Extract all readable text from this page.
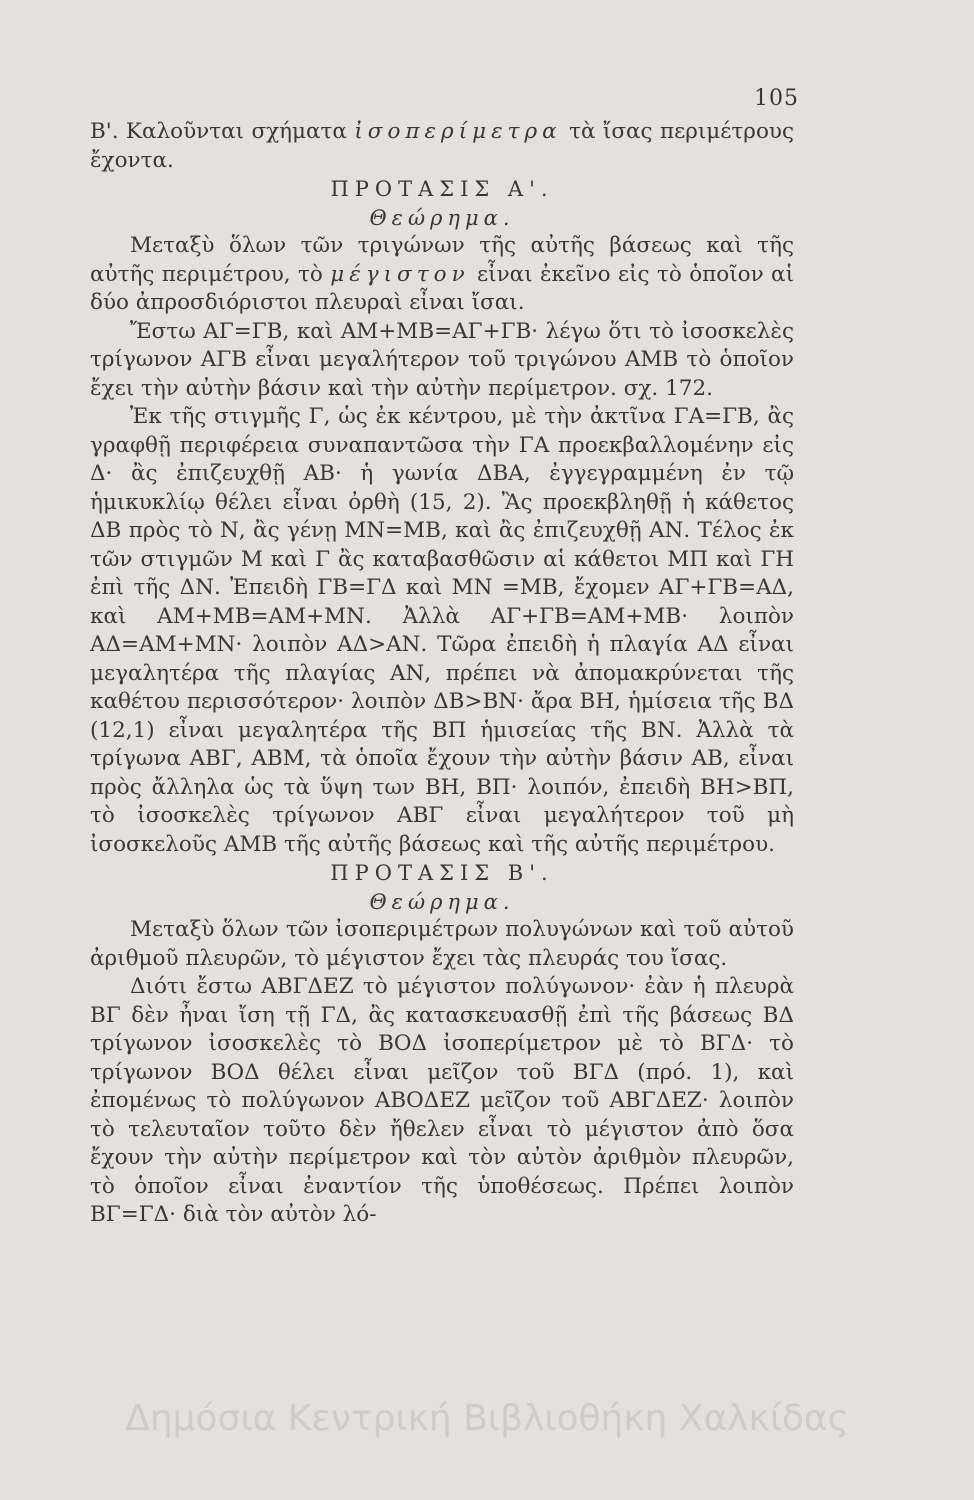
105

Β'. Καλοῦνται σχήματα ἰσοπερίμετρα τὰ ἴσας περιμέτρους ἔχοντα.

ΠΡΟΤΑΣΙΣ Α'.

Θεώρημα.

Μεταξὺ ὅλων τῶν τριγώνων τῆς αὐτῆς βάσεως καὶ τῆς αὐτῆς περιμέτρου, τὸ μέγιστον εἶναι ἐκεῖνο εἰς τὸ ὁποῖον αἱ δύο ἀπροσδιόριστοι πλευραὶ εἶναι ἴσαι.

Ἔστω ΑΓ=ΓΒ, καὶ ΑΜ+ΜΒ=ΑΓ+ΓΒ· λέγω ὅτι τὸ ἰσοσκελὲς τρίγωνον ΑΓΒ εἶναι μεγαλήτερον τοῦ τριγώνου ΑΜΒ τὸ ὁποῖον ἔχει τὴν αὐτὴν βάσιν καὶ τὴν αὐτὴν περίμετρον. σχ. 172.

Ἐκ τῆς στιγμῆς Γ, ὡς ἐκ κέντρου, μὲ τὴν ἀκτῖνα ΓΑ=ΓΒ, ἂς γραφθῇ περιφέρεια συναπαντῶσα τὴν ΓΑ προεκβαλλομένην εἰς Δ· ἂς ἐπιζευχθῇ ΑΒ· ἡ γωνία ΔΒΑ, ἐγγεγραμμένη ἐν τῷ ἡμικυκλίῳ θέλει εἶναι ὀρθὴ (15, 2). Ἂς προεκβληθῇ ἡ κάθετος ΔΒ πρὸς τὸ Ν, ἂς γένῃ ΜΝ=ΜΒ, καὶ ἂς ἐπιζευχθῇ ΑΝ. Τέλος ἐκ τῶν στιγμῶν Μ καὶ Γ ἂς καταβασθῶσιν αἱ κάθετοι ΜΠ καὶ ΓΗ ἐπὶ τῆς ΔΝ. Ἐπειδὴ ΓΒ=ΓΔ καὶ ΜΝ =ΜΒ, ἔχομεν ΑΓ+ΓΒ=ΑΔ, καὶ ΑΜ+ΜΒ=ΑΜ+ΜΝ. Ἀλλὰ ΑΓ+ΓΒ=ΑΜ+ΜΒ· λοιπὸν ΑΔ=ΑΜ+ΜΝ· λοιπὸν ΑΔ>ΑΝ. Τῶρα ἐπειδὴ ἡ πλαγία ΑΔ εἶναι μεγαλητέρα τῆς πλαγίας ΑΝ, πρέπει νὰ ἀπομακρύνεται τῆς καθέτου περισσότερον· λοιπὸν ΔΒ>ΒΝ· ἄρα ΒΗ, ἡμίσεια τῆς ΒΔ (12,1) εἶναι μεγαλητέρα τῆς ΒΠ ἡμισείας τῆς ΒΝ. Ἀλλὰ τὰ τρίγωνα ΑΒΓ, ΑΒΜ, τὰ ὁποῖα ἔχουν τὴν αὐτὴν βάσιν ΑΒ, εἶναι πρὸς ἄλληλα ὡς τὰ ὕψη των ΒΗ, ΒΠ· λοιπόν, ἐπειδὴ ΒΗ>ΒΠ, τὸ ἰσοσκελὲς τρίγωνον ΑΒΓ εἶναι μεγαλήτερον τοῦ μὴ ἰσοσκελοῦς ΑΜΒ τῆς αὐτῆς βάσεως καὶ τῆς αὐτῆς περιμέτρου.

ΠΡΟΤΑΣΙΣ Β'.

Θεώρημα.

Μεταξὺ ὅλων τῶν ἰσοπεριμέτρων πολυγώνων καὶ τοῦ αὐτοῦ ἀριθμοῦ πλευρῶν, τὸ μέγιστον ἔχει τὰς πλευράς του ἴσας.

Διότι ἔστω ΑΒΓΔΕΖ τὸ μέγιστον πολύγωνον· ἐὰν ἡ πλευρὰ ΒΓ δὲν ἦναι ἴση τῇ ΓΔ, ἂς κατασκευασθῇ ἐπὶ τῆς βάσεως ΒΔ τρίγωνον ἰσοσκελὲς τὸ ΒΟΔ ἰσοπερίμετρον μὲ τὸ ΒΓΔ· τὸ τρίγωνον ΒΟΔ θέλει εἶναι μεῖζον τοῦ ΒΓΔ (πρό. 1), καὶ ἐπομένως τὸ πολύγωνον ΑΒΟΔΕΖ μεῖζον τοῦ ΑΒΓΔΕΖ· λοιπὸν τὸ τελευταῖον τοῦτο δὲν ἤθελεν εἶναι τὸ μέγιστον ἀπὸ ὅσα ἔχουν τὴν αὐτὴν περίμετρον καὶ τὸν αὐτὸν ἀριθμὸν πλευρῶν, τὸ ὁποῖον εἶναι ἐναντίον τῆς ὑποθέσεως. Πρέπει λοιπὸν ΒΓ=ΓΔ· διὰ τὸν αὐτὸν λό-

Δημόσια Κεντρική Βιβλιοθήκη Χαλκίδας
